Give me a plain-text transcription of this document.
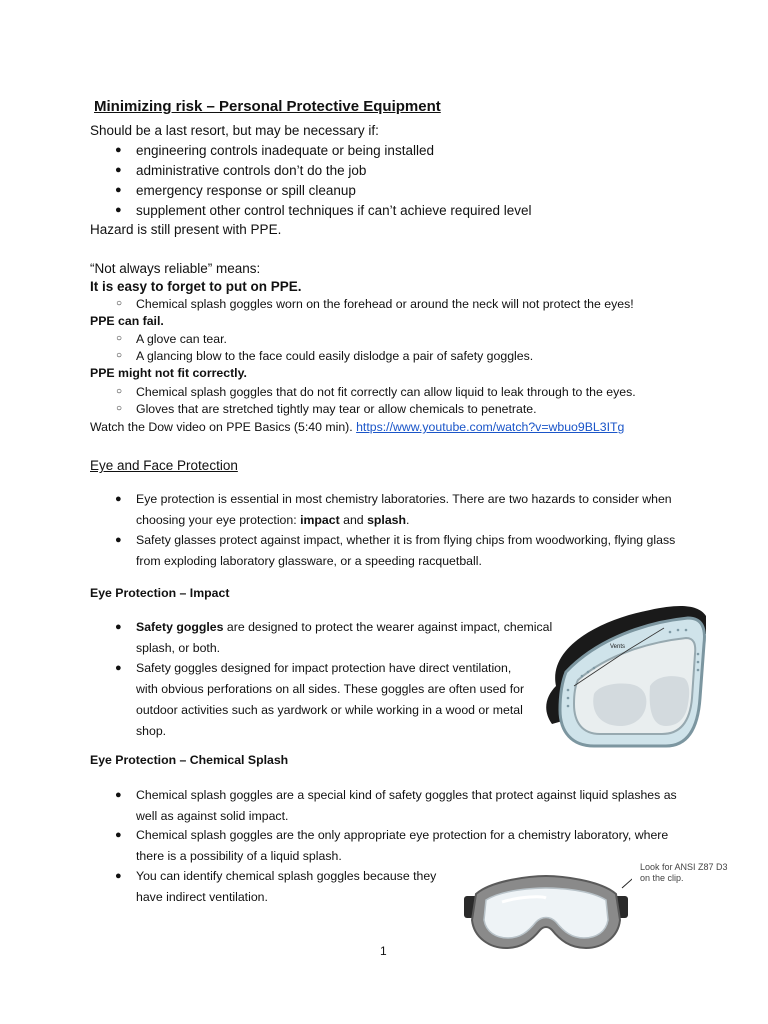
Minimizing risk – Personal Protective Equipment
Should be a last resort, but may be necessary if:
● engineering controls inadequate or being installed
● administrative controls don’t do the job
● emergency response or spill cleanup
● supplement other control techniques if can’t achieve required level
Hazard is still present with PPE.
“Not always reliable” means:
It is easy to forget to put on PPE.
○ Chemical splash goggles worn on the forehead or around the neck will not protect the eyes!
PPE can fail.
○ A glove can tear.
○ A glancing blow to the face could easily dislodge a pair of safety goggles.
PPE might not fit correctly.
○ Chemical splash goggles that do not fit correctly can allow liquid to leak through to the eyes.
○ Gloves that are stretched tightly may tear or allow chemicals to penetrate.
Watch the Dow video on PPE Basics (5:40 min). https://www.youtube.com/watch?v=wbuo9BL3ITg
Eye and Face Protection
● Eye protection is essential in most chemistry laboratories. There are two hazards to consider when choosing your eye protection: impact and splash.
● Safety glasses protect against impact, whether it is from flying chips from woodworking, flying glass from exploding laboratory glassware, or a speeding racquetball.
Eye Protection – Impact
● Safety goggles are designed to protect the wearer against impact, chemical splash, or both.
● Safety goggles designed for impact protection have direct ventilation, with obvious perforations on all sides. These goggles are often used for outdoor activities such as yardwork or while working in a wood or metal shop.
Vents
Eye Protection – Chemical Splash
● Chemical splash goggles are a special kind of safety goggles that protect against liquid splashes as well as against solid impact.
● Chemical splash goggles are the only appropriate eye protection for a chemistry laboratory, where there is a possibility of a liquid splash.
● You can identify chemical splash goggles because they have indirect ventilation.
Look for ANSI Z87 D3 on the clip.
1
